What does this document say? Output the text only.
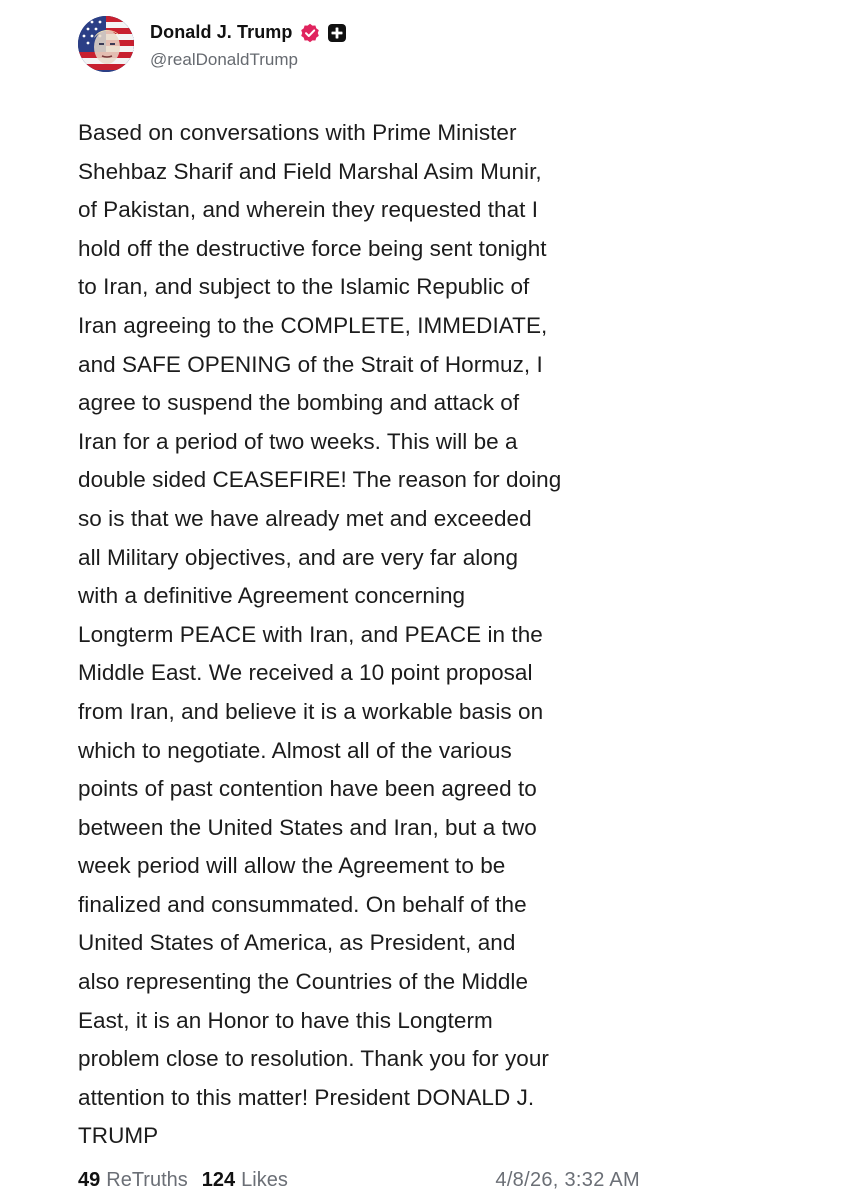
Donald J. Trump
@realDonaldTrump
Based on conversations with Prime Minister
Shehbaz Sharif and Field Marshal Asim Munir,
of Pakistan, and wherein they requested that I
hold off the destructive force being sent tonight
to Iran, and subject to the Islamic Republic of
Iran agreeing to the COMPLETE, IMMEDIATE,
and SAFE OPENING of the Strait of Hormuz, I
agree to suspend the bombing and attack of
Iran for a period of two weeks. This will be a
double sided CEASEFIRE! The reason for doing
so is that we have already met and exceeded
all Military objectives, and are very far along
with a definitive Agreement concerning
Longterm PEACE with Iran, and PEACE in the
Middle East. We received a 10 point proposal
from Iran, and believe it is a workable basis on
which to negotiate. Almost all of the various
points of past contention have been agreed to
between the United States and Iran, but a two
week period will allow the Agreement to be
finalized and consummated. On behalf of the
United States of America, as President, and
also representing the Countries of the Middle
East, it is an Honor to have this Longterm
problem close to resolution. Thank you for your
attention to this matter! President DONALD J.
TRUMP
49 ReTruths 124 Likes	4/8/26, 3:32 AM
